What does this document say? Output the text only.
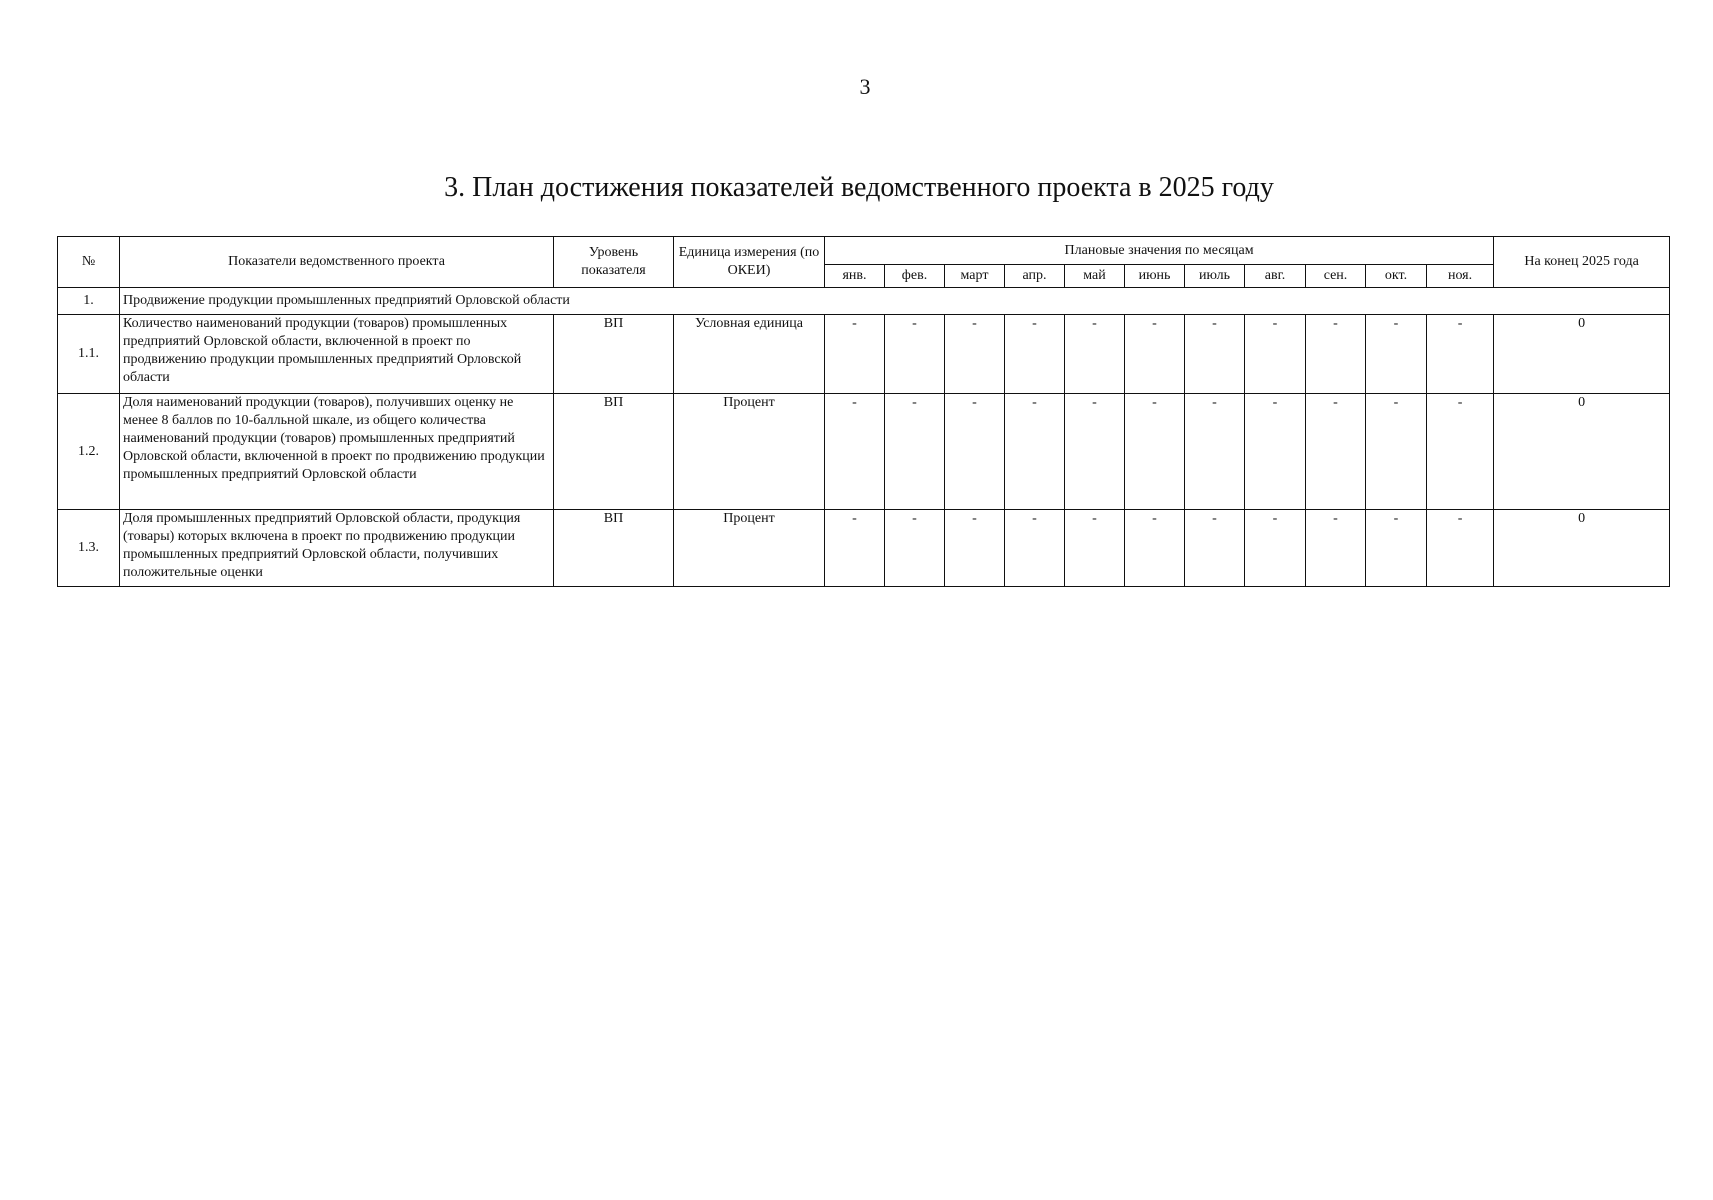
3
3. План достижения показателей ведомственного проекта в 2025 году
№	Показатели ведомственного проекта	Уровень показателя	Единица измерения (по ОКЕИ)	Плановые значения по месяцам											На конец 2025 года
				янв.	фев.	март	апр.	май	июнь	июль	авг.	сен.	окт.	ноя.	
1.	Продвижение продукции промышленных предприятий Орловской области														
1.1.	Количество наименований продукции (товаров) промышленных предприятий Орловской области, включенной в проект по продвижению продукции промышленных предприятий Орловской области	ВП	Условная единица	-	-	-	-	-	-	-	-	-	-	-	0
1.2.	Доля наименований продукции (товаров), получивших оценку не менее 8 баллов по 10-балльной шкале, из общего количества наименований продукции (товаров) промышленных предприятий Орловской области, включенной в проект по продвижению продукции промышленных предприятий Орловской области	ВП	Процент	-	-	-	-	-	-	-	-	-	-	-	0
1.3.	Доля промышленных предприятий Орловской области, продукция (товары) которых включена в проект по продвижению продукции промышленных предприятий Орловской области, получивших положительные оценки	ВП	Процент	-	-	-	-	-	-	-	-	-	-	-	0
